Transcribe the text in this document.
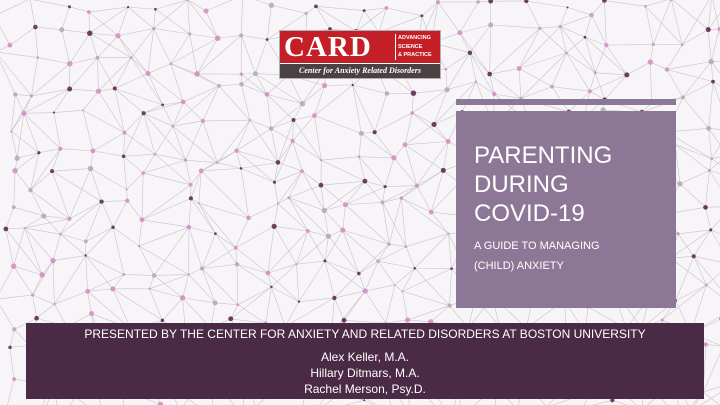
CARD	ADVANCING
SCIENCE
& PRACTICE
Center for Anxiety Related Disorders
PARENTING
DURING
COVID-19
A GUIDE TO MANAGING
(CHILD) ANXIETY
PRESENTED BY THE CENTER FOR ANXIETY AND RELATED DISORDERS AT BOSTON UNIVERSITY
Alex Keller, M.A.
Hillary Ditmars, M.A.
Rachel Merson, Psy.D.
